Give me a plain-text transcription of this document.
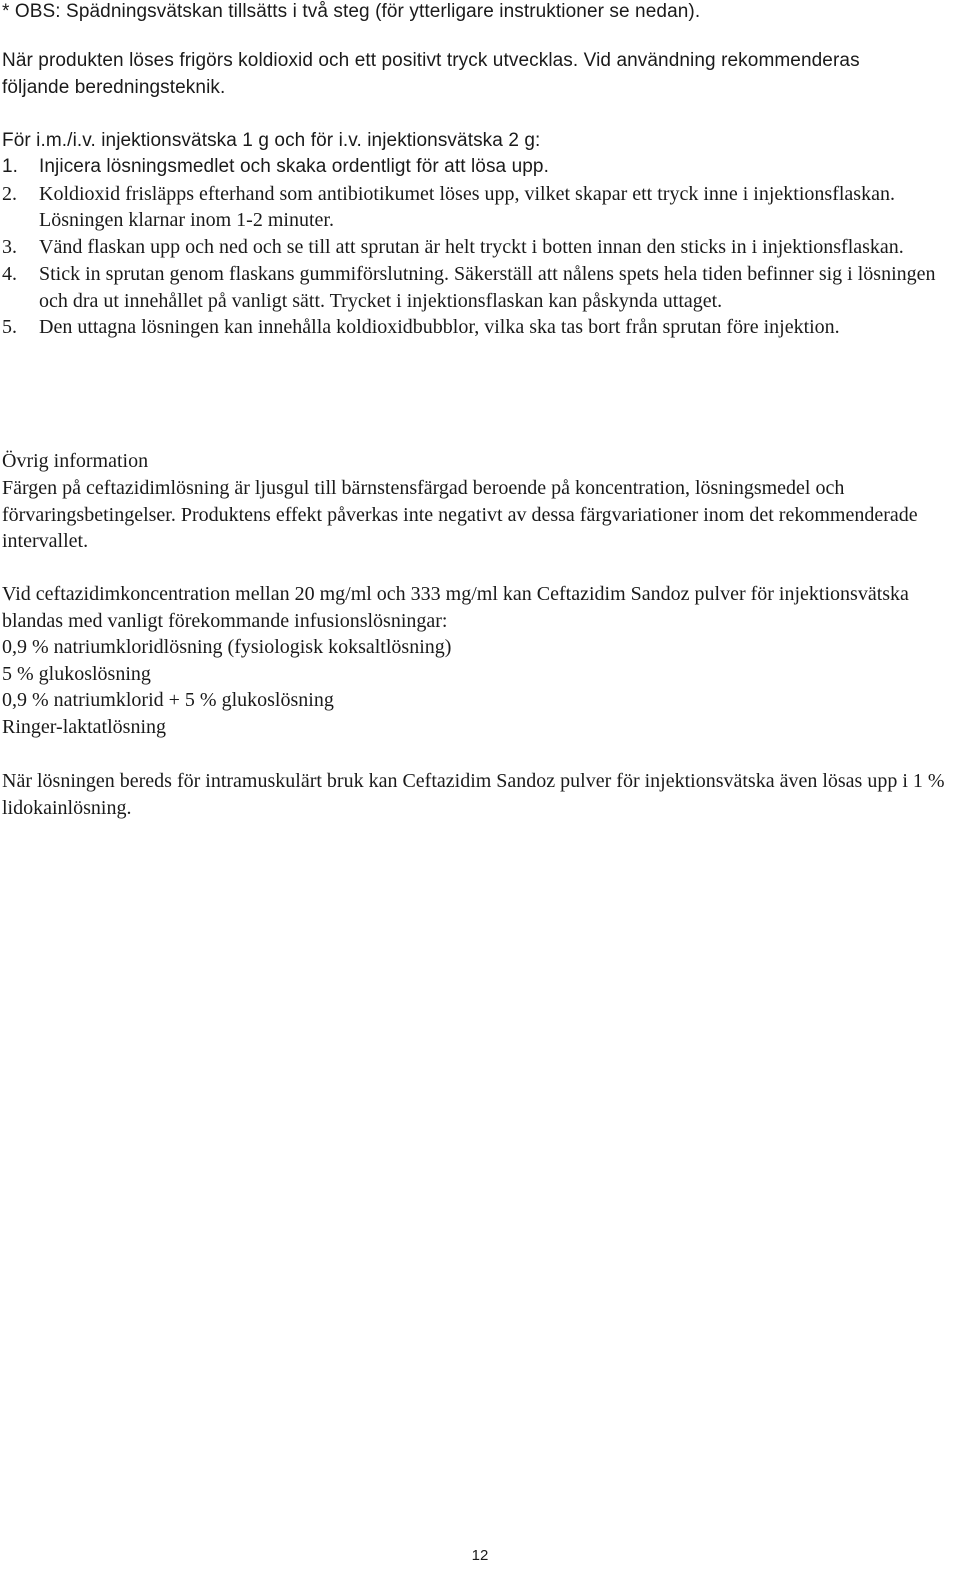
* OBS: Spädningsvätskan tillsätts i två steg (för ytterligare instruktioner se nedan).
När produkten löses frigörs koldioxid och ett positivt tryck utvecklas. Vid användning rekommenderas
följande beredningsteknik.
För i.m./i.v. injektionsvätska 1 g och för i.v. injektionsvätska 2 g:
1. Injicera lösningsmedlet och skaka ordentligt för att lösa upp.
2. Koldioxid frisläpps efterhand som antibiotikumet löses upp, vilket skapar ett tryck inne i injektionsflaskan. Lösningen klarnar inom 1-2 minuter.
3. Vänd flaskan upp och ned och se till att sprutan är helt tryckt i botten innan den sticks in i injektionsflaskan.
4. Stick in sprutan genom flaskans gummiförslutning. Säkerställ att nålens spets hela tiden befinner sig i lösningen och dra ut innehållet på vanligt sätt. Trycket i injektionsflaskan kan påskynda uttaget.
5. Den uttagna lösningen kan innehålla koldioxidbubblor, vilka ska tas bort från sprutan före injektion.
Övrig information
Färgen på ceftazidimlösning är ljusgul till bärnstensfärgad beroende på koncentration, lösningsmedel och förvaringsbetingelser. Produktens effekt påverkas inte negativt av dessa färgvariationer inom det rekommenderade intervallet.
Vid ceftazidimkoncentration mellan 20 mg/ml och 333 mg/ml kan Ceftazidim Sandoz pulver för injektionsvätska blandas med vanligt förekommande infusionslösningar:
0,9 % natriumkloridlösning (fysiologisk koksaltlösning)
5 % glukoslösning
0,9 % natriumklorid + 5 % glukoslösning
Ringer-laktatlösning
När lösningen bereds för intramuskulärt bruk kan Ceftazidim Sandoz pulver för injektionsvätska även lösas upp i 1 % lidokainlösning.
12
